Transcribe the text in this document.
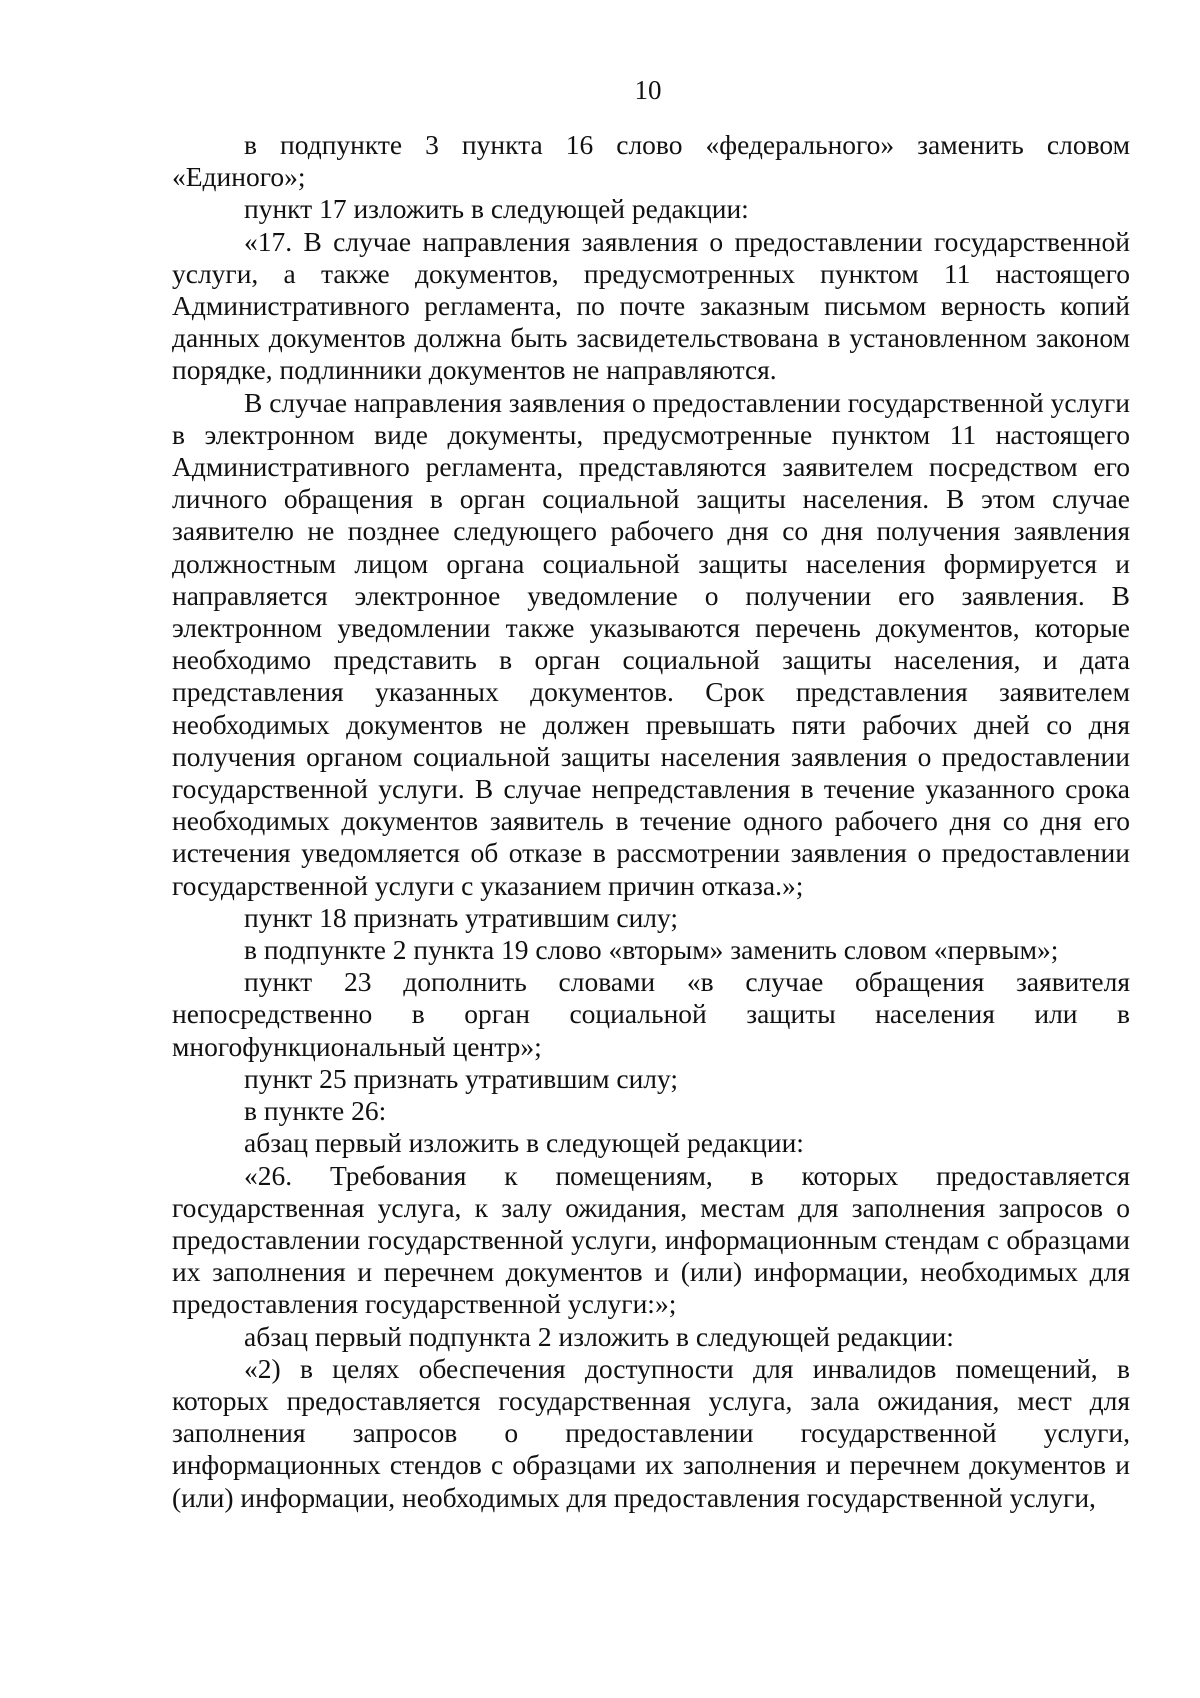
10

в подпункте 3 пункта 16 слово «федерального» заменить словом «Единого»;

пункт 17 изложить в следующей редакции:

«17. В случае направления заявления о предоставлении государственной услуги, а также документов, предусмотренных пунктом 11 настоящего Административного регламента, по почте заказным письмом верность копий данных документов должна быть засвидетельствована в установленном законом порядке, подлинники документов не направляются.

В случае направления заявления о предоставлении государственной услуги в электронном виде документы, предусмотренные пунктом 11 настоящего Административного регламента, представляются заявителем посредством его личного обращения в орган социальной защиты населения. В этом случае заявителю не позднее следующего рабочего дня со дня получения заявления должностным лицом органа социальной защиты населения формируется и направляется электронное уведомление о получении его заявления. В электронном уведомлении также указываются перечень документов, которые необходимо представить в орган социальной защиты населения, и дата представления указанных документов. Срок представления заявителем необходимых документов не должен превышать пяти рабочих дней со дня получения органом социальной защиты населения заявления о предоставлении государственной услуги. В случае непредставления в течение указанного срока необходимых документов заявитель в течение одного рабочего дня со дня его истечения уведомляется об отказе в рассмотрении заявления о предоставлении государственной услуги с указанием причин отказа.»;

пункт 18 признать утратившим силу;

в подпункте 2 пункта 19 слово «вторым» заменить словом «первым»;

пункт 23 дополнить словами «в случае обращения заявителя непосредственно в орган социальной защиты населения или в многофункциональный центр»;

пункт 25 признать утратившим силу;

в пункте 26:

абзац первый изложить в следующей редакции:

«26. Требования к помещениям, в которых предоставляется государственная услуга, к залу ожидания, местам для заполнения запросов о предоставлении государственной услуги, информационным стендам с образцами их заполнения и перечнем документов и (или) информации, необходимых для предоставления государственной услуги:»;

абзац первый подпункта 2 изложить в следующей редакции:

«2) в целях обеспечения доступности для инвалидов помещений, в которых предоставляется государственная услуга, зала ожидания, мест для заполнения запросов о предоставлении государственной услуги, информационных стендов с образцами их заполнения и перечнем документов и (или) информации, необходимых для предоставления государственной услуги,
